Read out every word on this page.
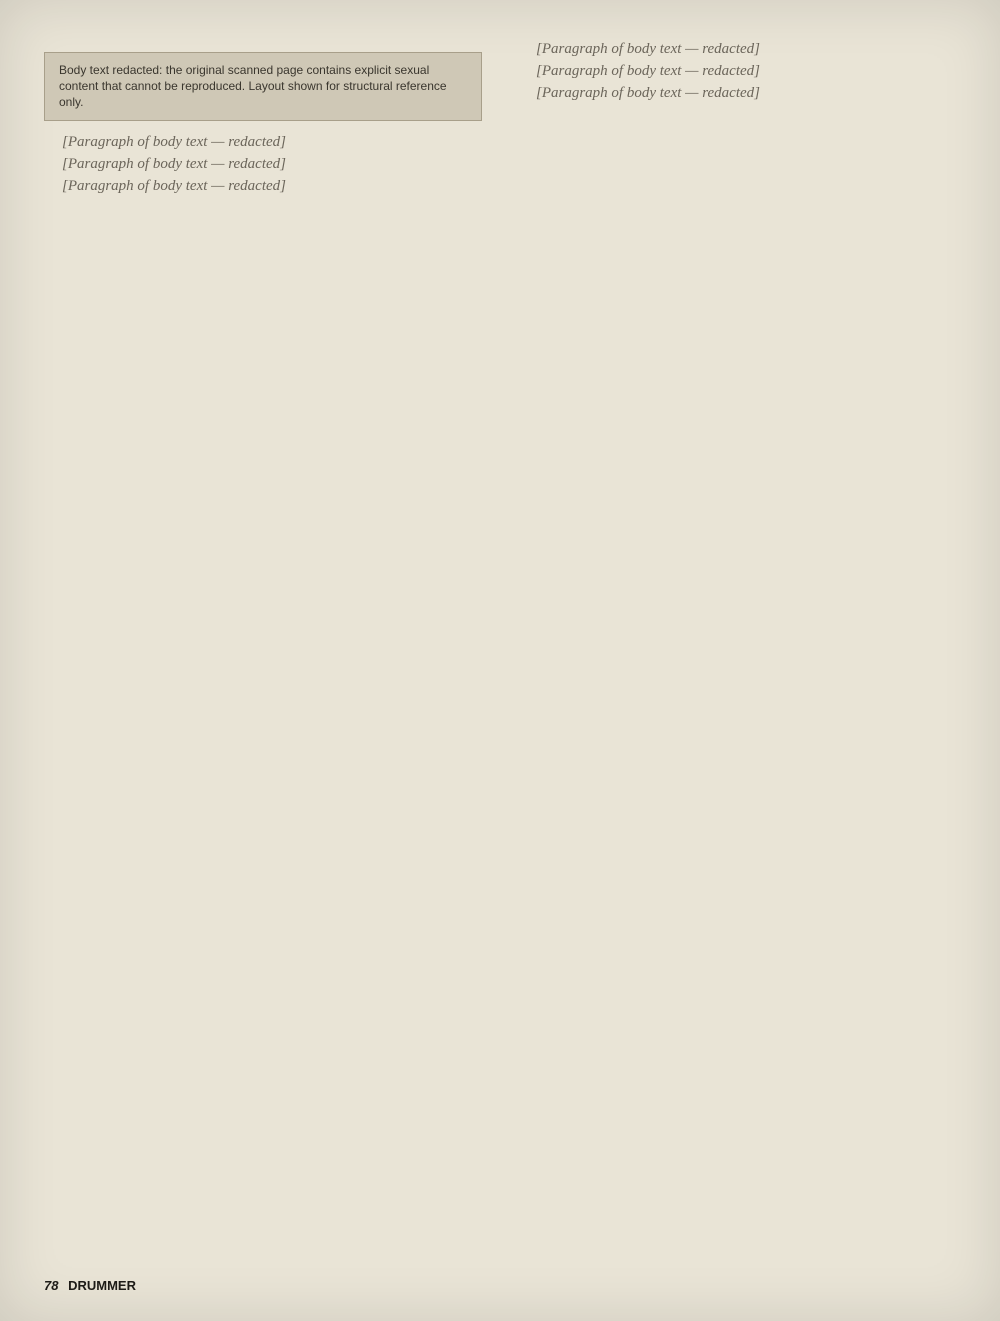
Body text redacted: the original scanned page contains explicit sexual content that cannot be reproduced. Layout shown for structural reference only.

[Paragraph of body text — redacted]

[Paragraph of body text — redacted]

[Paragraph of body text — redacted]

[Paragraph of body text — redacted]

[Paragraph of body text — redacted]

[Paragraph of body text — redacted]

78 DRUMMER
